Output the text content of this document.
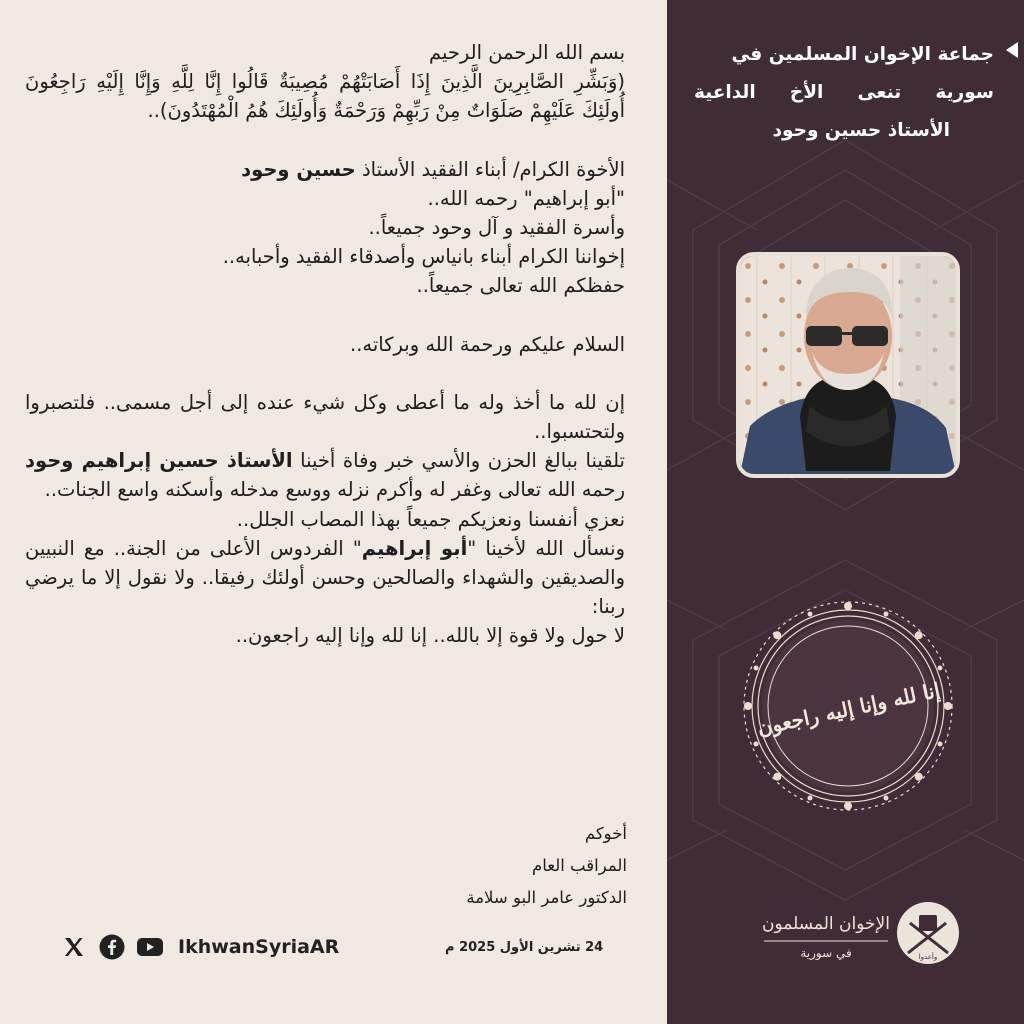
بسم الله الرحمن الرحيم

(وَبَشِّرِ الصَّابِرِينَ الَّذِينَ إِذَا أَصَابَتْهُمْ مُصِيبَةٌ قَالُوا إِنَّا لِلَّهِ وَإِنَّا إِلَيْهِ رَاجِعُونَ أُولَئِكَ عَلَيْهِمْ صَلَوَاتٌ مِنْ رَبِّهِمْ وَرَحْمَةٌ وَأُولَئِكَ هُمُ الْمُهْتَدُونَ)..

الأخوة الكرام/ أبناء الفقيد الأستاذ حسين وحود

"أبو إبراهيم" رحمه الله..

وأسرة الفقيد و آل وحود جميعاً..

إخواننا الكرام أبناء بانياس وأصدقاء الفقيد وأحبابه..

حفظكم الله تعالى جميعاً..

السلام عليكم ورحمة الله وبركاته..

إن لله ما أخذ وله ما أعطى وكل شيء عنده إلى أجل مسمى.. فلتصبروا ولتحتسبوا..

تلقينا ببالغ الحزن والأسي خبر وفاة أخينا الأستاذ حسين إبراهيم وحود رحمه الله تعالى وغفر له وأكرم نزله ووسع مدخله وأسكنه واسع الجنات..

نعزي أنفسنا ونعزيكم جميعاً بهذا المصاب الجلل..

ونسأل الله لأخينا "أبو إبراهيم" الفردوس الأعلى من الجنة.. مع النبيين والصديقين والشهداء والصالحين وحسن أولئك رفيقا.. ولا نقول إلا ما يرضي ربنا:

لا حول ولا قوة إلا بالله.. إنا لله وإنا إليه راجعون..

أخوكم
المراقب العام
الدكتور عامر البو سلامة
IkhwanSyriaAR	24 تشرين الأول 2025 م
جماعة الإخوان المسلمين في
سورية تنعى الأخ الداعية
الأستاذ حسين وحود
إنا لله وإنا إليه راجعون
وأعدوا
الإخوان المسلمون
في سورية
